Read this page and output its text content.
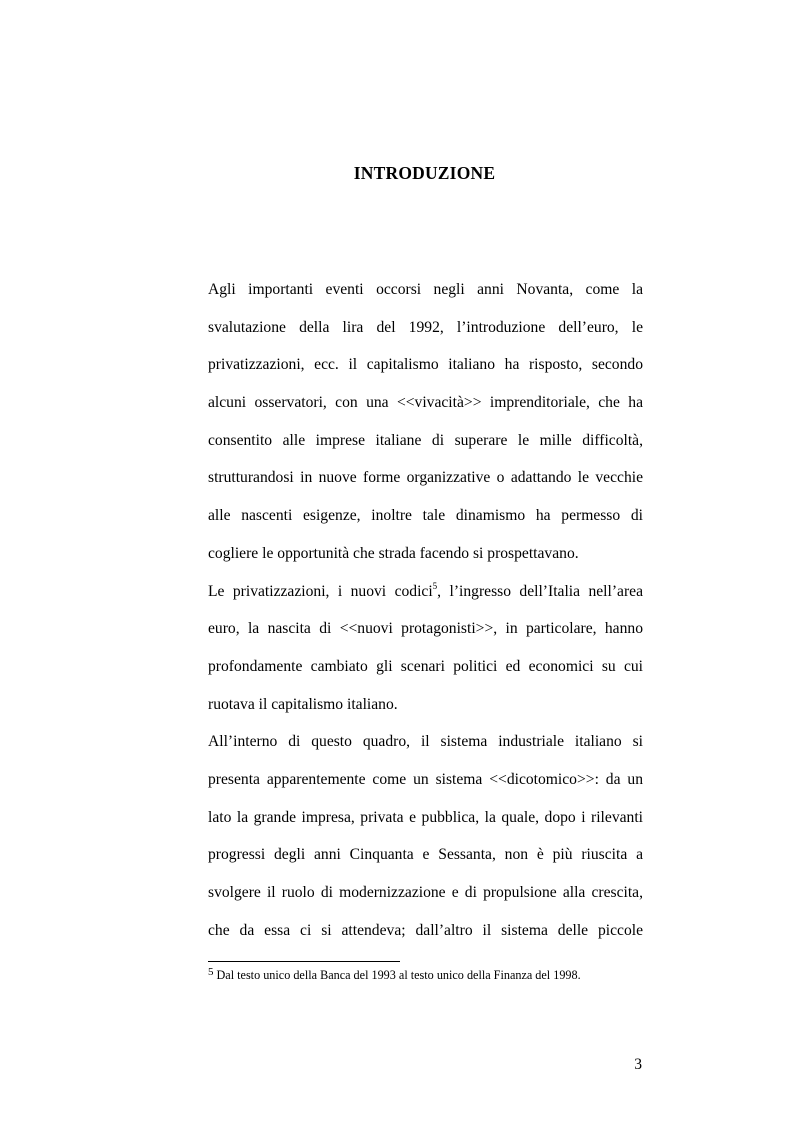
INTRODUZIONE
Agli importanti eventi occorsi negli anni Novanta, come la
svalutazione della lira del 1992, l’introduzione dell’euro, le
privatizzazioni, ecc. il capitalismo italiano ha risposto, secondo
alcuni osservatori, con una <<vivacità>> imprenditoriale, che ha
consentito alle imprese italiane di superare le mille difficoltà,
strutturandosi in nuove forme organizzative o adattando le vecchie
alle nascenti esigenze, inoltre tale dinamismo ha permesso di
cogliere le opportunità che strada facendo si prospettavano.
Le privatizzazioni, i nuovi codici$^5$, l’ingresso dell’Italia nell’area
euro, la nascita di <<nuovi protagonisti>>, in particolare, hanno
profondamente cambiato gli scenari politici ed economici su cui
ruotava il capitalismo italiano.
All’interno di questo quadro, il sistema industriale italiano si
presenta apparentemente come un sistema <<dicotomico>>: da un
lato la grande impresa, privata e pubblica, la quale, dopo i rilevanti
progressi degli anni Cinquanta e Sessanta, non è più riuscita a
svolgere il ruolo di modernizzazione e di propulsione alla crescita,
che da essa ci si attendeva; dall’altro il sistema delle piccole
5 Dal testo unico della Banca del 1993 al testo unico della Finanza del 1998.
3
